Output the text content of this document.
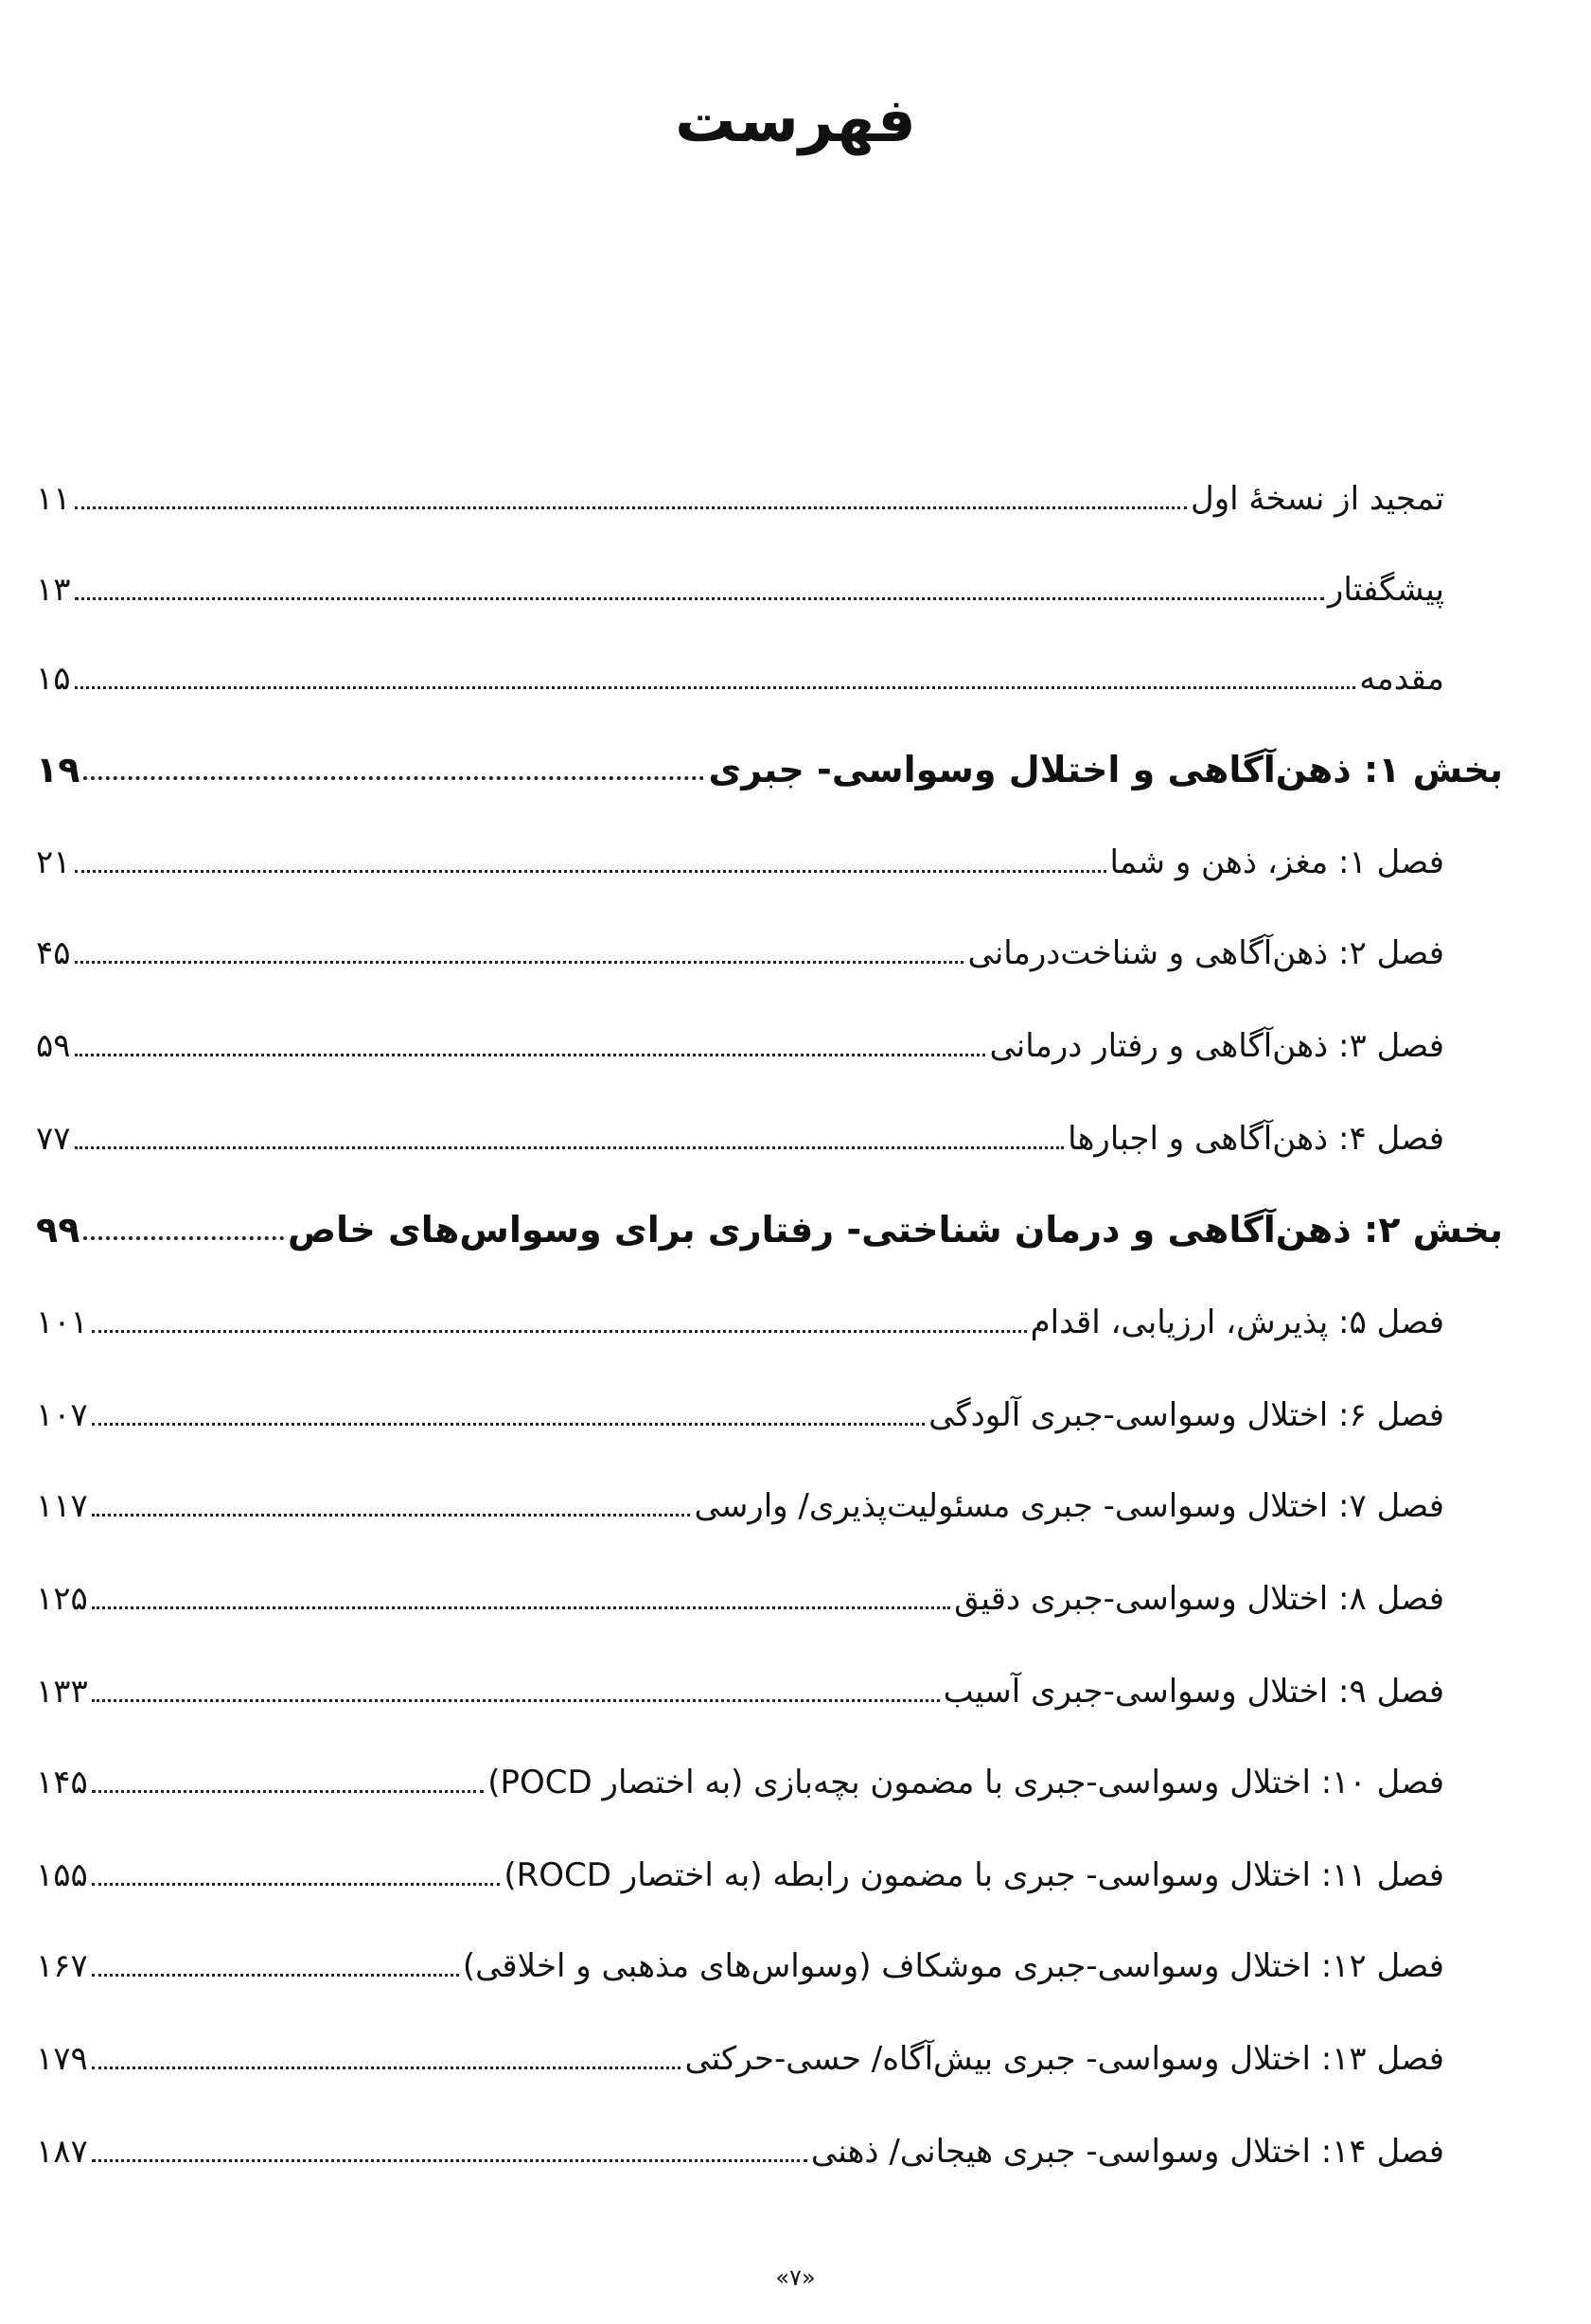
فهرست
۱۱	تمجید از نسخهٔ اول
۱۳	پیشگفتار
۱۵	مقدمه
۱۹	بخش ۱: ذهن‌آگاهی و اختلال وسواسی- جبری
۲۱	فصل ۱: مغز، ذهن و شما
۴۵	فصل ۲: ذهن‌آگاهی و شناخت‌درمانی
۵۹	فصل ۳: ذهن‌آگاهی و رفتار درمانی
۷۷	فصل ۴: ذهن‌آگاهی و اجبارها
۹۹	بخش ۲: ذهن‌آگاهی و درمان شناختی- رفتاری برای وسواس‌های خاص
۱۰۱	فصل ۵: پذیرش، ارزیابی، اقدام
۱۰۷	فصل ۶: اختلال وسواسی-جبری آلودگی
۱۱۷	فصل ۷: اختلال وسواسی- جبری مسئولیت‌پذیری/ وارسی
۱۲۵	فصل ۸: اختلال وسواسی-جبری دقیق
۱۳۳	فصل ۹: اختلال وسواسی-جبری آسیب
۱۴۵	فصل ۱۰: اختلال وسواسی-جبری با مضمون بچه‌بازی (به اختصار POCD)
۱۵۵	فصل ۱۱: اختلال وسواسی- جبری با مضمون رابطه (به اختصار ROCD)
۱۶۷	فصل ۱۲: اختلال وسواسی-جبری موشکاف (وسواس‌های مذهبی و اخلاقی)
۱۷۹	فصل ۱۳: اختلال وسواسی- جبری بیش‌آگاه/ حسی-حرکتی
۱۸۷	فصل ۱۴: اختلال وسواسی- جبری هیجانی/ ذهنی
«۷»
